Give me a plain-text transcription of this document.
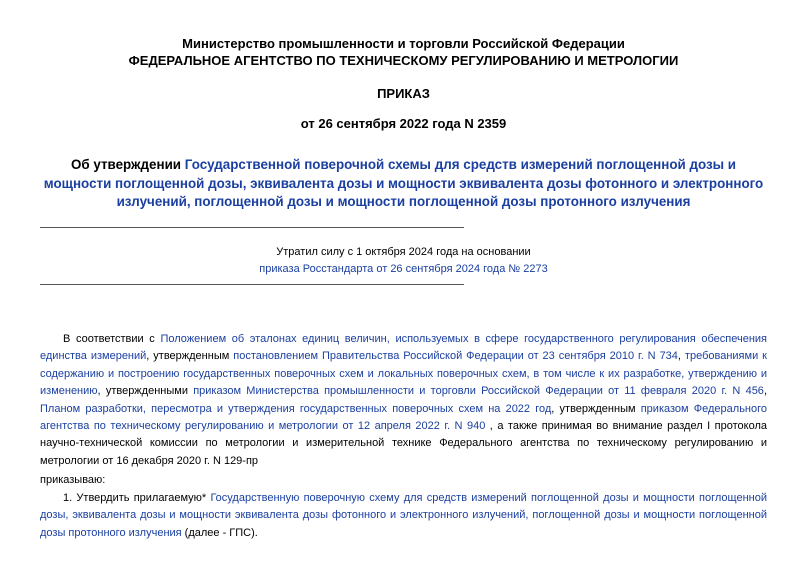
Министерство промышленности и торговли Российской Федерации
ФЕДЕРАЛЬНОЕ АГЕНТСТВО ПО ТЕХНИЧЕСКОМУ РЕГУЛИРОВАНИЮ И МЕТРОЛОГИИ
ПРИКАЗ
от 26 сентября 2022 года N 2359
Об утверждении Государственной поверочной схемы для средств измерений поглощенной дозы и мощности поглощенной дозы, эквивалента дозы и мощности эквивалента дозы фотонного и электронного излучений, поглощенной дозы и мощности поглощенной дозы протонного излучения
Утратил силу с 1 октября 2024 года на основании
приказа Росстандарта от 26 сентября 2024 года № 2273
В соответствии с Положением об эталонах единиц величин, используемых в сфере государственного регулирования обеспечения единства измерений, утвержденным постановлением Правительства Российской Федерации от 23 сентября 2010 г. N 734, требованиями к содержанию и построению государственных поверочных схем и локальных поверочных схем, в том числе к их разработке, утверждению и изменению, утвержденными приказом Министерства промышленности и торговли Российской Федерации от 11 февраля 2020 г. N 456, Планом разработки, пересмотра и утверждения государственных поверочных схем на 2022 год, утвержденным приказом Федерального агентства по техническому регулированию и метрологии от 12 апреля 2022 г. N 940 , а также принимая во внимание раздел I протокола научно-технической комиссии по метрологии и измерительной технике Федерального агентства по техническому регулированию и метрологии от 16 декабря 2020 г. N 129-пр
приказываю:
1. Утвердить прилагаемую* Государственную поверочную схему для средств измерений поглощенной дозы и мощности поглощенной дозы, эквивалента дозы и мощности эквивалента дозы фотонного и электронного излучений, поглощенной дозы и мощности поглощенной дозы протонного излучения (далее - ГПС).
